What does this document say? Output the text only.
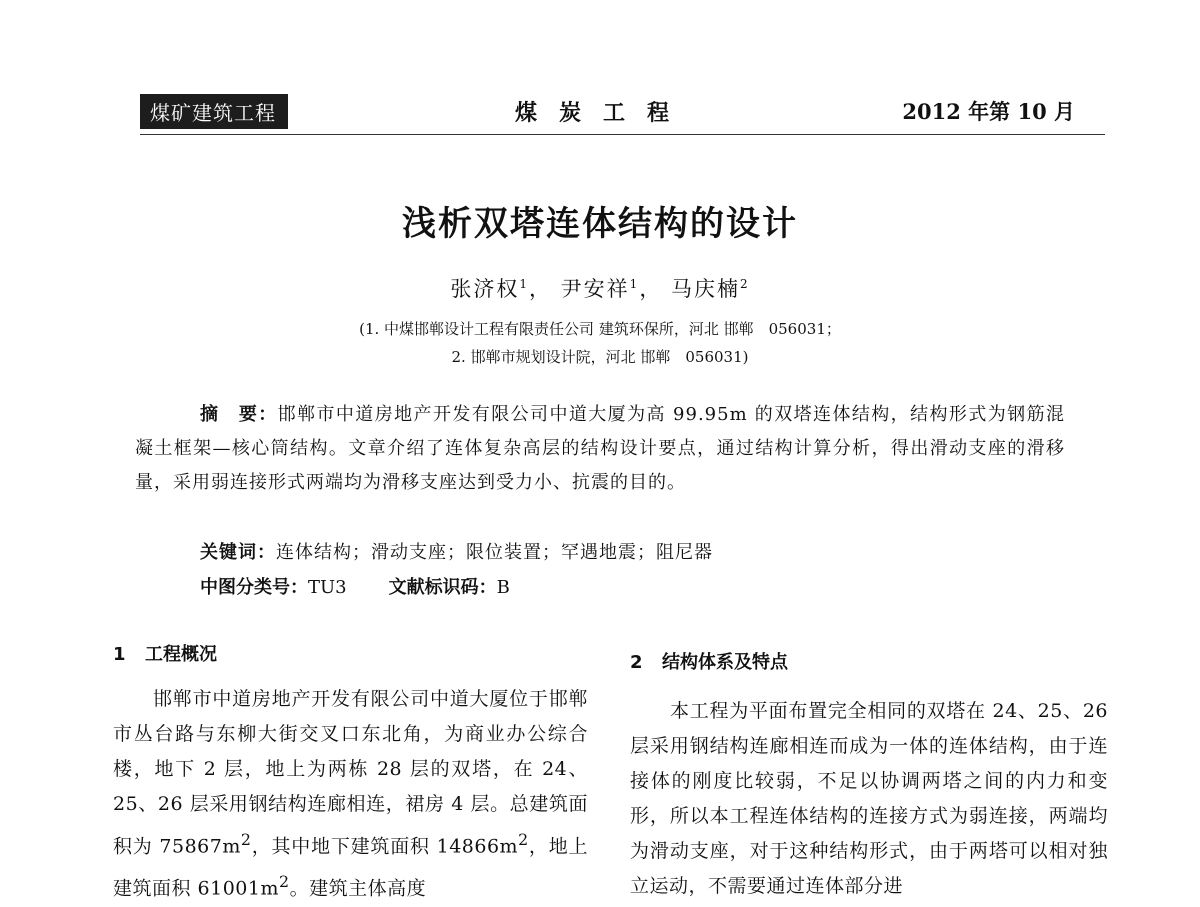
煤矿建筑工程	煤炭工程	2012 年第 10 月
浅析双塔连体结构的设计
张济权$^1$， 尹安祥$^1$， 马庆楠$^2$
(1. 中煤邯郸设计工程有限责任公司 建筑环保所，河北 邯郸　056031；
2. 邯郸市规划设计院，河北 邯郸　056031)
摘　要：邯郸市中道房地产开发有限公司中道大厦为高 99.95m 的双塔连体结构，结构形式为钢筋混凝土框架—核心筒结构。文章介绍了连体复杂高层的结构设计要点，通过结构计算分析，得出滑动支座的滑移量，采用弱连接形式两端均为滑移支座达到受力小、抗震的目的。
关键词：连体结构；滑动支座；限位装置；罕遇地震；阻尼器
中图分类号：TU3 文献标识码：B
1 工程概况

邯郸市中道房地产开发有限公司中道大厦位于邯郸市丛台路与东柳大街交叉口东北角，为商业办公综合楼，地下 2 层，地上为两栋 28 层的双塔，在 24、25、26 层采用钢结构连廊相连，裙房 4 层。总建筑面积为 $75867m^2$，其中地下建筑面积 $14866m^2$，地上建筑面积 $61001m^2$。建筑主体高度

2 结构体系及特点

本工程为平面布置完全相同的双塔在 24、25、26 层采用钢结构连廊相连而成为一体的连体结构，由于连接体的刚度比较弱，不足以协调两塔之间的内力和变形，所以本工程连体结构的连接方式为弱连接，两端均为滑动支座，对于这种结构形式，由于两塔可以相对独立运动，不需要通过连体部分进
